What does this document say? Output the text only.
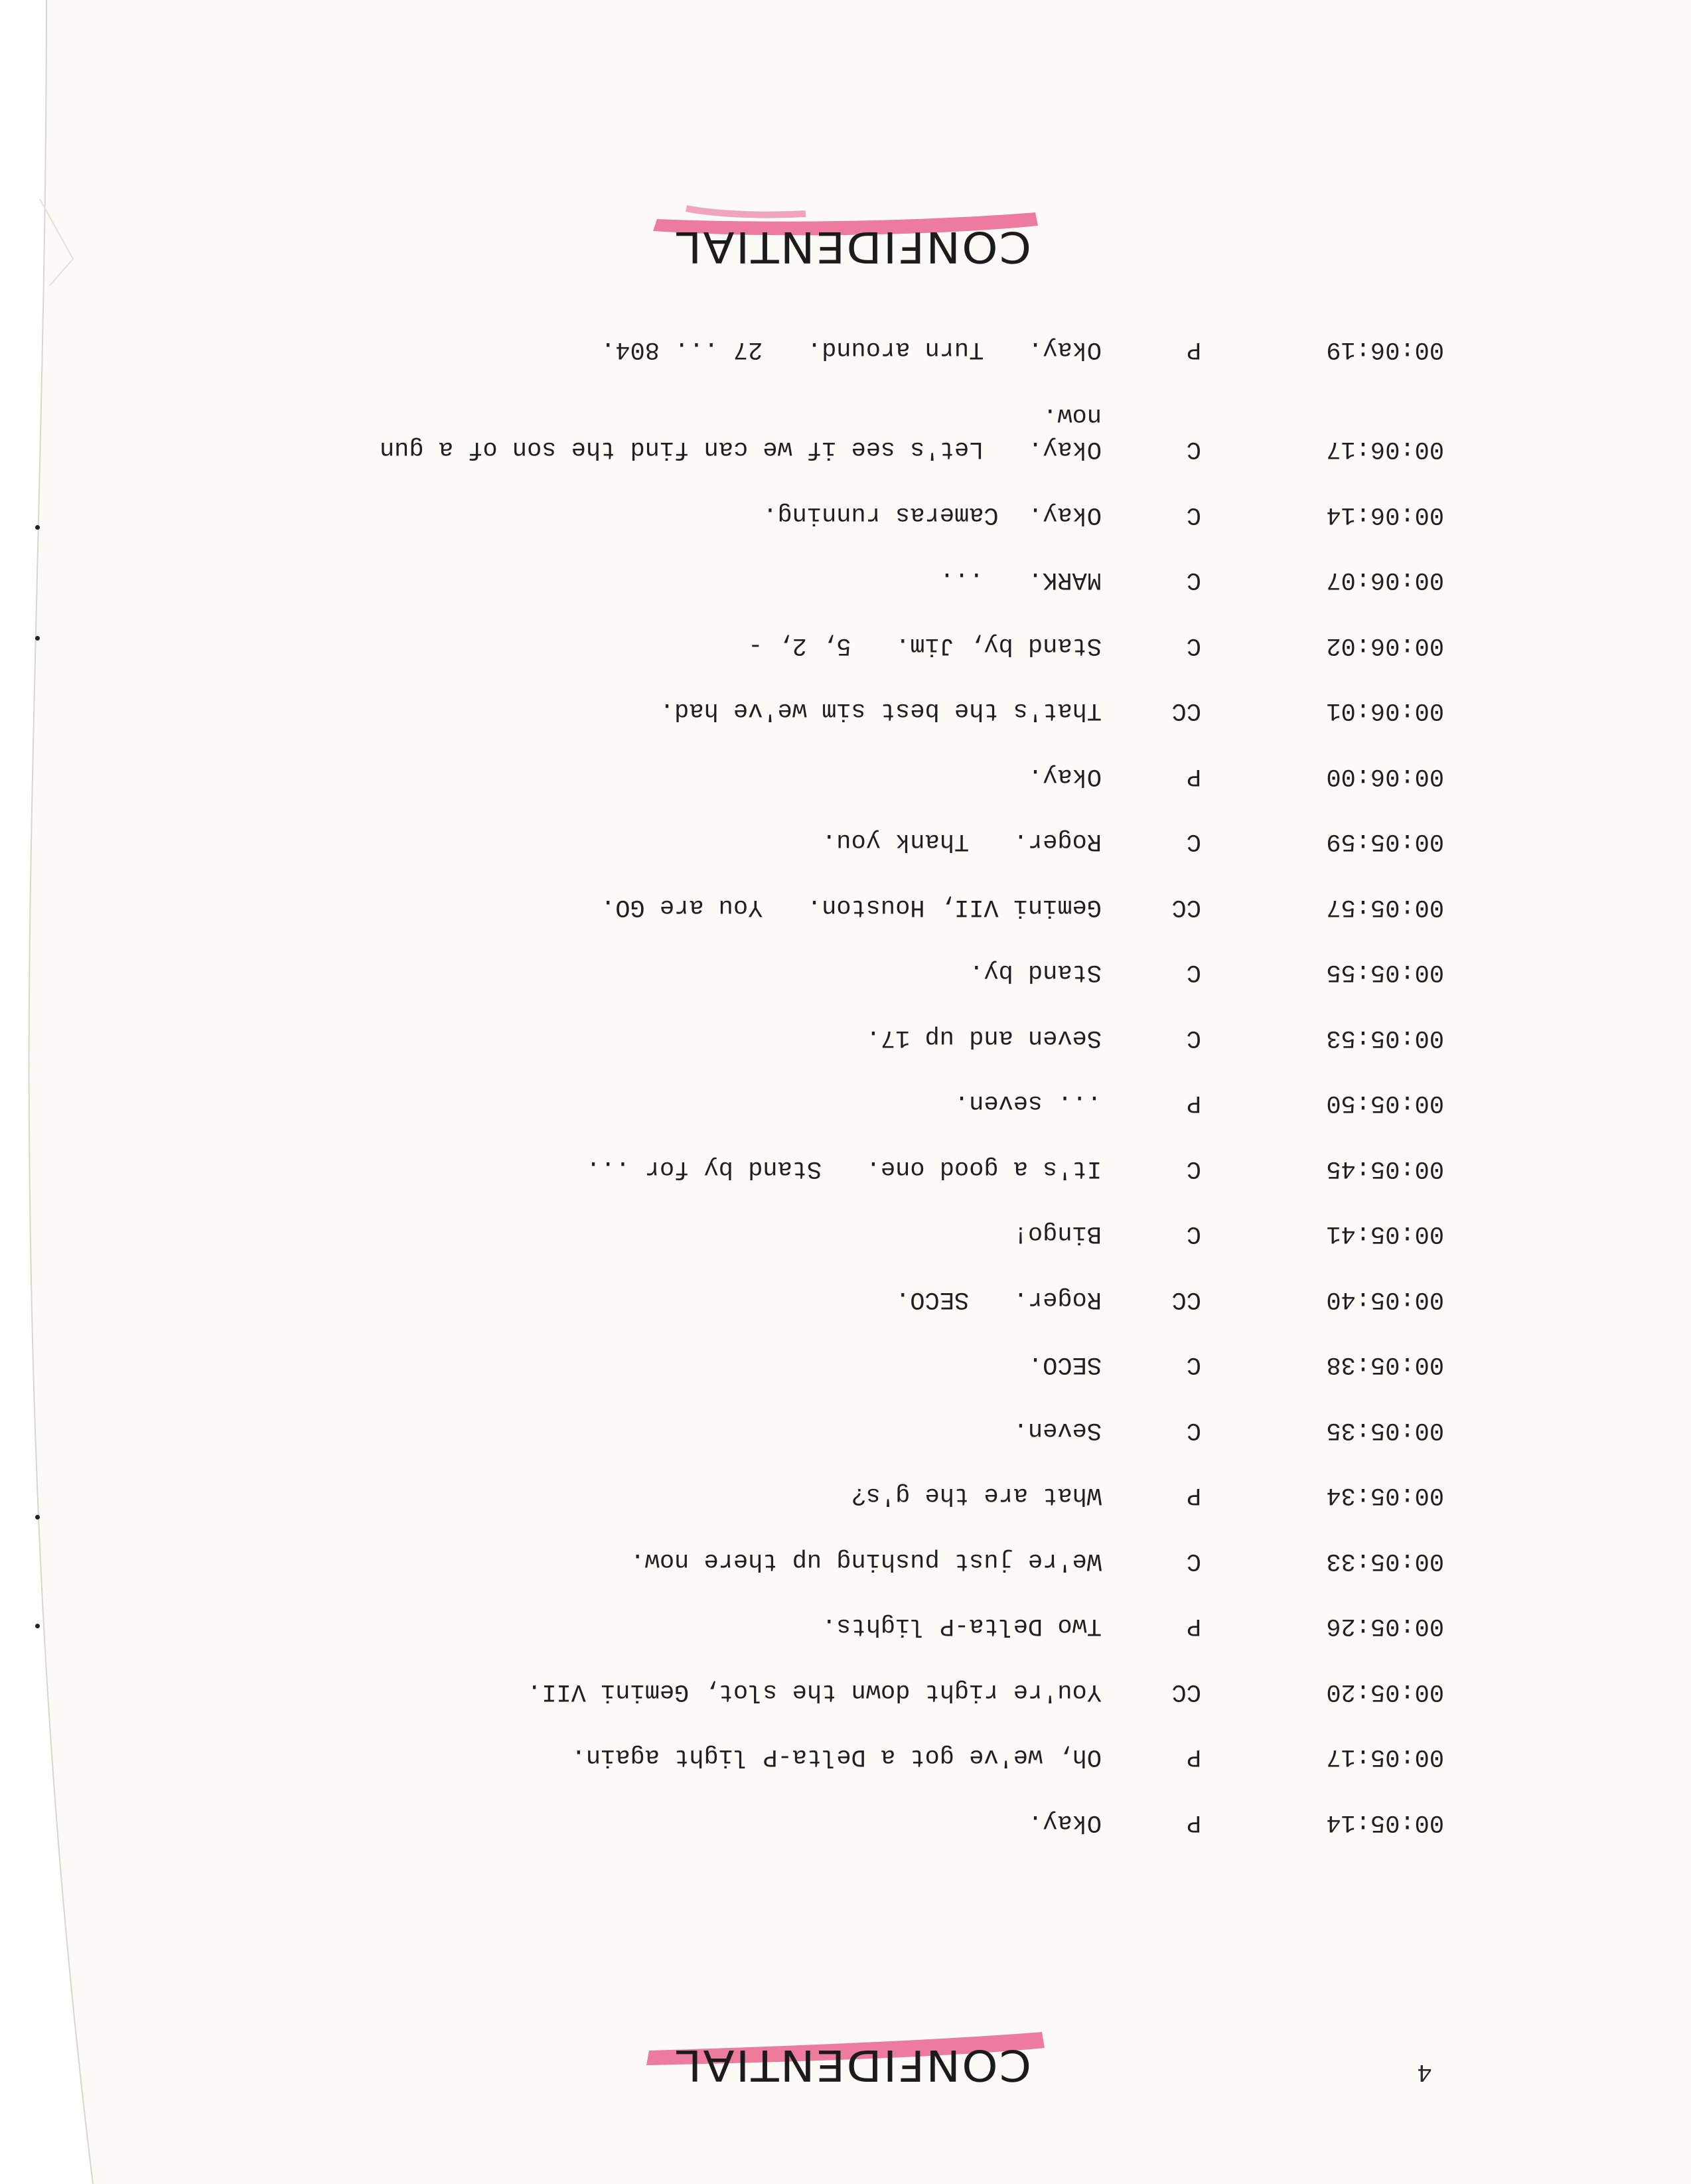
4
CONFIDENTIAL
00:05:14
P
Okay.
00:05:17
P
Oh, we've got a Delta-P light again.
00:05:20
CC
You're right down the slot, Gemini VII.
00:05:26
P
Two Delta-P lights.
00:05:33
C
We're just pushing up there now.
00:05:34
P
What are the g's?
00:05:35
C
Seven.
00:05:38
C
SECO.
00:05:40
CC
Roger.   SECO.
00:05:41
C
Bingo!
00:05:45
C
It's a good one.   Stand by for ...
00:05:50
P
... seven.
00:05:53
C
Seven and up 17.
00:05:55
C
Stand by.
00:05:57
CC
Gemini VII, Houston.   You are GO.
00:05:59
C
Roger.   Thank you.
00:06:00
P
Okay.
00:06:01
CC
That's the best sim we've had.
00:06:02
C
Stand by, Jim.   5, 2, -
00:06:07
C
MARK.   ...
00:06:14
C
Okay.  Cameras running.
00:06:17
C
Okay.   Let's see if we can find the son of a gun
now.
00:06:19
P
Okay.   Turn around.   27 ... 804.
CONFIDENTIAL
